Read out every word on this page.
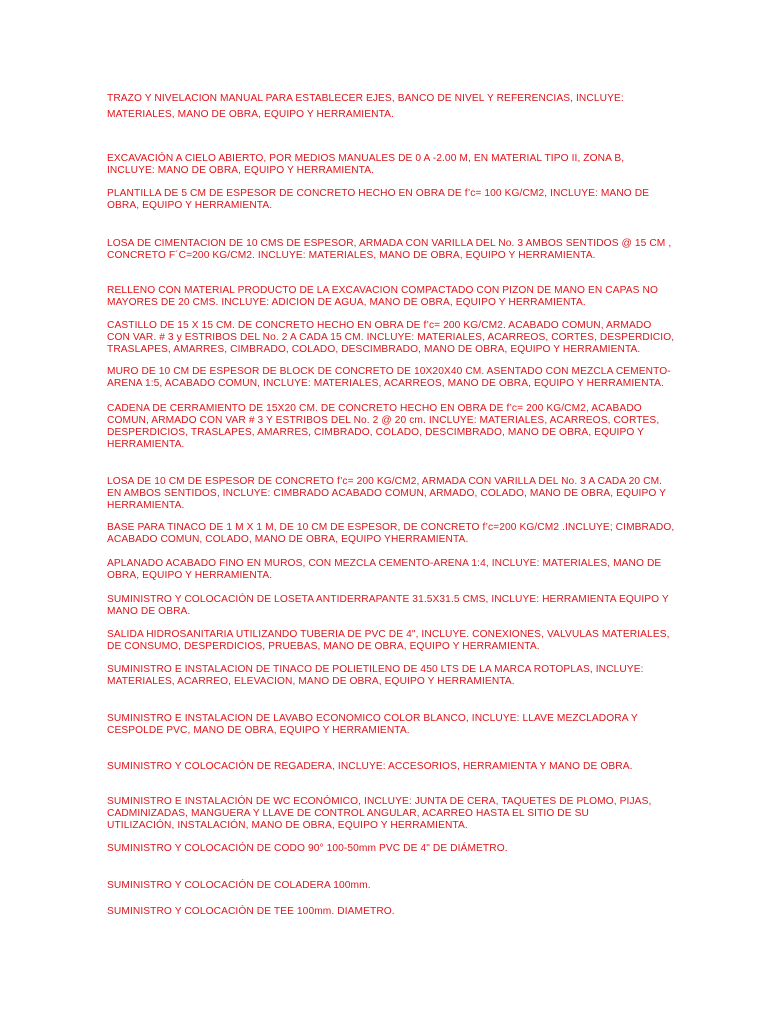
TRAZO Y NIVELACION MANUAL PARA ESTABLECER EJES, BANCO DE NIVEL Y REFERENCIAS, INCLUYE:

MATERIALES, MANO DE OBRA, EQUIPO Y HERRAMIENTA.

EXCAVACIÓN A CIELO ABIERTO, POR MEDIOS MANUALES DE 0 A -2.00 M, EN MATERIAL TIPO II, ZONA B,
INCLUYE: MANO DE OBRA, EQUIPO Y HERRAMIENTA.

PLANTILLA DE 5 CM DE ESPESOR DE CONCRETO HECHO EN OBRA DE f’c= 100 KG/CM2, INCLUYE: MANO DE
OBRA, EQUIPO Y HERRAMIENTA.

LOSA DE CIMENTACION DE 10 CMS DE ESPESOR, ARMADA CON VARILLA DEL No. 3 AMBOS SENTIDOS @ 15 CM ,
CONCRETO F´C=200 KG/CM2. INCLUYE: MATERIALES, MANO DE OBRA, EQUIPO Y HERRAMIENTA.

RELLENO CON MATERIAL PRODUCTO DE LA EXCAVACION COMPACTADO CON PIZON DE MANO EN CAPAS NO
MAYORES DE 20 CMS. INCLUYE: ADICION DE AGUA, MANO DE OBRA, EQUIPO Y HERRAMIENTA.

CASTILLO DE 15 X 15 CM. DE CONCRETO HECHO EN OBRA DE f’c= 200 KG/CM2. ACABADO COMUN, ARMADO
CON VAR. # 3 y ESTRIBOS DEL No. 2 A CADA 15 CM. INCLUYE: MATERIALES, ACARREOS, CORTES, DESPERDICIO,
TRASLAPES, AMARRES, CIMBRADO, COLADO, DESCIMBRADO, MANO DE OBRA, EQUIPO Y HERRAMIENTA.

MURO DE 10 CM DE ESPESOR DE BLOCK DE CONCRETO DE 10X20X40 CM. ASENTADO CON MEZCLA CEMENTO-
ARENA 1:5, ACABADO COMUN, INCLUYE: MATERIALES, ACARREOS, MANO DE OBRA, EQUIPO Y HERRAMIENTA.

CADENA DE CERRAMIENTO DE 15X20 CM. DE CONCRETO HECHO EN OBRA DE f’c= 200 KG/CM2, ACABADO
COMUN, ARMADO CON VAR # 3 Y ESTRIBOS DEL No. 2 @ 20 cm. INCLUYE: MATERIALES, ACARREOS, CORTES,
DESPERDICIOS, TRASLAPES, AMARRES, CIMBRADO, COLADO, DESCIMBRADO, MANO DE OBRA, EQUIPO Y
HERRAMIENTA.

LOSA DE 10 CM DE ESPESOR DE CONCRETO f’c= 200 KG/CM2, ARMADA CON VARILLA DEL No. 3 A CADA 20 CM.
EN AMBOS SENTIDOS, INCLUYE: CIMBRADO ACABADO COMUN, ARMADO, COLADO, MANO DE OBRA, EQUIPO Y
HERRAMIENTA.

BASE PARA TINACO DE 1 M X 1 M, DE 10 CM DE ESPESOR, DE CONCRETO f’c=200 KG/CM2 .INCLUYE; CIMBRADO,
ACABADO COMUN, COLADO, MANO DE OBRA, EQUIPO YHERRAMIENTA.

APLANADO ACABADO FINO EN MUROS, CON MEZCLA CEMENTO-ARENA 1:4, INCLUYE: MATERIALES, MANO DE
OBRA, EQUIPO Y HERRAMIENTA.

SUMINISTRO Y COLOCACIÓN DE LOSETA ANTIDERRAPANTE 31.5X31.5 CMS, INCLUYE: HERRAMIENTA EQUIPO Y
MANO DE OBRA.

SALIDA HIDROSANITARIA UTILIZANDO TUBERIA DE PVC DE 4", INCLUYE. CONEXIONES, VALVULAS MATERIALES,
DE CONSUMO, DESPERDICIOS, PRUEBAS, MANO DE OBRA, EQUIPO Y HERRAMIENTA.

SUMINISTRO E INSTALACION DE TINACO DE POLIETILENO DE 450 LTS DE LA MARCA ROTOPLAS, INCLUYE:
MATERIALES, ACARREO, ELEVACION, MANO DE OBRA, EQUIPO Y HERRAMIENTA.

SUMINISTRO E INSTALACION DE LAVABO ECONOMICO COLOR BLANCO, INCLUYE: LLAVE MEZCLADORA Y
CESPOLDE PVC, MANO DE OBRA, EQUIPO Y HERRAMIENTA.

SUMINISTRO Y COLOCACIÓN DE REGADERA, INCLUYE: ACCESORIOS, HERRAMIENTA Y MANO DE OBRA.

SUMINISTRO E INSTALACIÓN DE WC ECONÓMICO, INCLUYE: JUNTA DE CERA, TAQUETES DE PLOMO, PIJAS,
CADMINIZADAS, MANGUERA Y LLAVE DE CONTROL ANGULAR, ACARREO HASTA EL SITIO DE SU
UTILIZACIÓN, INSTALACIÓN, MANO DE OBRA, EQUIPO Y HERRAMIENTA.

SUMINISTRO Y COLOCACIÓN DE CODO 90° 100-50mm PVC DE 4" DE DIÁMETRO.

SUMINISTRO Y COLOCACIÓN DE COLADERA 100mm.

SUMINISTRO Y COLOCACIÓN DE TEE 100mm. DIAMETRO.
